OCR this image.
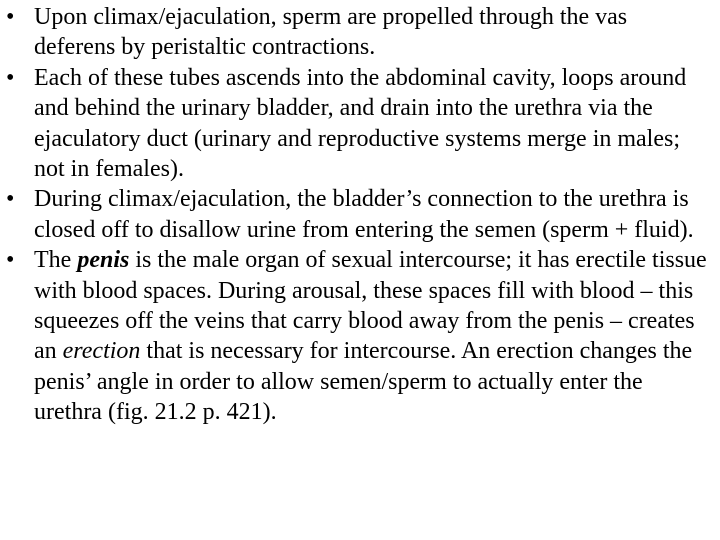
• Upon climax/ejaculation, sperm are propelled through the vas deferens by peristaltic contractions.
• Each of these tubes ascends into the abdominal cavity, loops around and behind the urinary bladder, and drain into the urethra via the ejaculatory duct (urinary and reproductive systems merge in males; not in females).
• During climax/ejaculation, the bladder’s connection to the urethra is closed off to disallow urine from entering the semen (sperm + fluid).
• The penis is the male organ of sexual intercourse; it has erectile tissue with blood spaces. During arousal, these spaces fill with blood – this squeezes off the veins that carry blood away from the penis – creates an erection that is necessary for intercourse. An erection changes the penis’ angle in order to allow semen/sperm to actually enter the urethra (fig. 21.2 p. 421).
